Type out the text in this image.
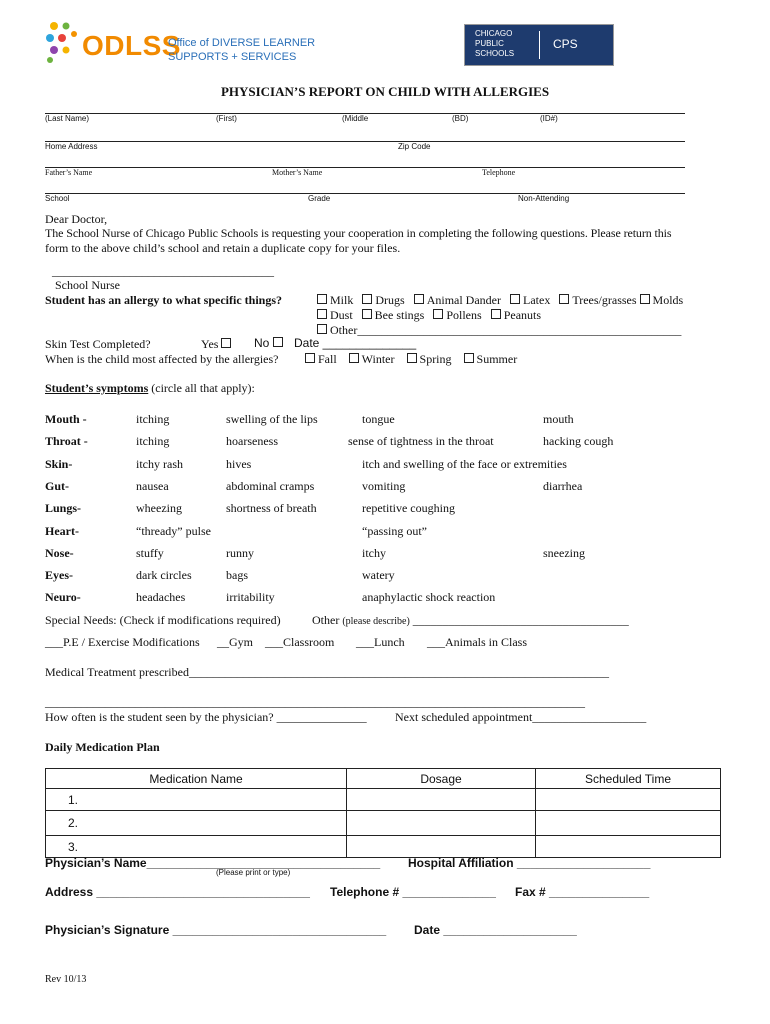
ODLSS
Office of DIVERSE LEARNER
SUPPORTS + SERVICES
CHICAGO
PUBLIC
SCHOOLS
CPS
PHYSICIAN’S REPORT ON CHILD WITH ALLERGIES
(Last Name)	(First)	(Middle	(BD)	(ID#)
Home Address	Zip Code
Father’s Name	Mother’s Name	Telephone
School	Grade	Non-Attending
Dear Doctor,
The School Nurse of Chicago Public Schools is requesting your cooperation in completing the following questions. Please return this
form to the above child’s school and retain a duplicate copy for your files.
_____________________________________
School Nurse
Student has an allergy to what specific things?	Milk Drugs Animal Dander Latex Trees/grasses Molds
Dust Bee stings Pollens Peanuts
Other______________________________________________________
Skin Test Completed?	Yes	No	Date ______________
When is the child most affected by the allergies?	Fall Winter Spring Summer
Student’s symptoms (circle all that apply):
Mouth -	itching	swelling of the lips	tongue	mouth
Throat -	itching	hoarseness	sense of tightness in the throat	hacking cough
Skin-	itchy rash	hives	itch and swelling of the face or extremities
Gut-	nausea	abdominal cramps	vomiting	diarrhea
Lungs-	wheezing	shortness of breath	repetitive coughing
Heart-	“thready” pulse	“passing out”
Nose-	stuffy	runny	itchy	sneezing
Eyes-	dark circles	bags	watery
Neuro-	headaches	irritability	anaphylactic shock reaction
Special Needs: (Check if modifications required)	Other (please describe) ____________________________________
___P.E / Exercise Modifications __Gym ___Classroom ___Lunch ___Animals in Class
Medical Treatment prescribed______________________________________________________________________
__________________________________________________________________________________________
How often is the student seen by the physician? _______________ Next scheduled appointment___________________
Daily Medication Plan
Medication Name	Dosage	Scheduled Time
1.		
2.		
3.		
Physician’s Name___________________________________
(Please print or type)
Hospital Affiliation ____________________
Address ________________________________ Telephone # ______________ Fax # _______________
Physician’s Signature ________________________________ Date ____________________
Rev 10/13
